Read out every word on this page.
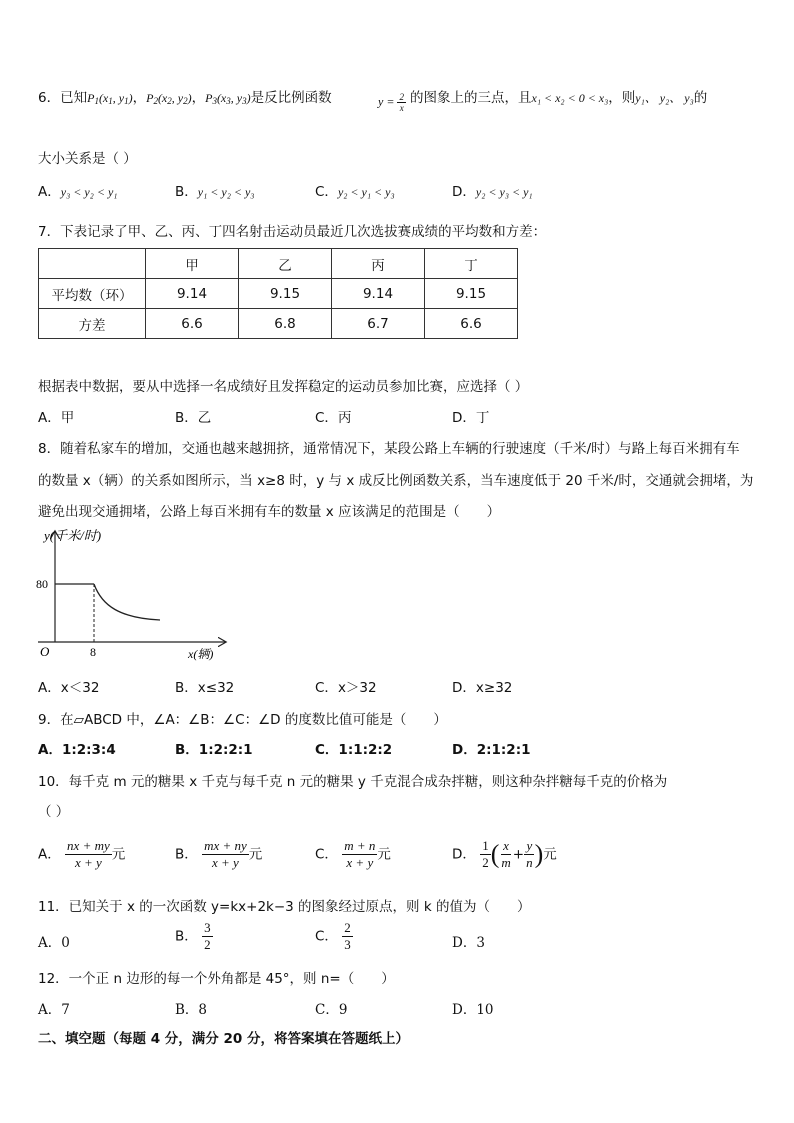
6．已知$P_1(x_1$, $y_1$)，$P_2(x_2$, $y_2$)，$P_3(x_3$, $y_3$)是反比例函数	$y = \frac{2}{x}$ 的图象上的三点，且x₁ < x₂ < 0 < x₃，则y₁、 y₂、 y₃的
大小关系是（ ）
A．y₃ < y₂ < y₁	B．y₁ < y₂ < y₃	C．y₂ < y₁ < y₃	D．y₂ < y₃ < y₁
7．下表记录了甲、乙、丙、丁四名射击运动员最近几次选拔赛成绩的平均数和方差：
	甲	乙	丙	丁
平均数（环）	9.14	9.15	9.14	9.15
方差	6.6	6.8	6.7	6.6
根据表中数据，要从中选择一名成绩好且发挥稳定的运动员参加比赛，应选择（ ）
A．甲	B．乙	C．丙	D．丁
8．随着私家车的增加，交通也越来越拥挤，通常情况下，某段公路上车辆的行驶速度（千米/时）与路上每百米拥有车
的数量 x（辆）的关系如图所示，当 x≥8 时，y 与 x 成反比例函数关系，当车速度低于 20 千米/时，交通就会拥堵，为
避免出现交通拥堵，公路上每百米拥有车的数量 x 应该满足的范围是（　　）
y(千米/时)
80
O	8	x(辆)
A．x＜32	B．x≤32	C．x＞32	D．x≥32
9．在▱ABCD 中，∠A：∠B：∠C：∠D 的度数比值可能是（　　）
A．1:2:3:4	B．1:2:2:1	C．1:1:2:2	D．2:1:2:1
10．每千克 m 元的糖果 x 千克与每千克 n 元的糖果 y 千克混合成杂拌糖，则这种杂拌糖每千克的价格为
（ ）
A． $\frac{nx + my}{x + y}$ 元	B． $\frac{mx + ny}{x + y}$ 元	C． $\frac{m + n}{x + y}$ 元	D． $\frac{1}{2}$ ( $\frac{x}{m} + \frac{y}{n}$ )元
11．已知关于 x 的一次函数 y=kx+2k−3 的图象经过原点，则 k 的值为（　　）
A．0	B． $\frac{3}{2}$	C． $\frac{2}{3}$	D．3
12．一个正 n 边形的每一个外角都是 45°，则 n=（　　）
A．7	B．8	C．9	D．10
二、填空题（每题 4 分，满分 20 分，将答案填在答题纸上）
